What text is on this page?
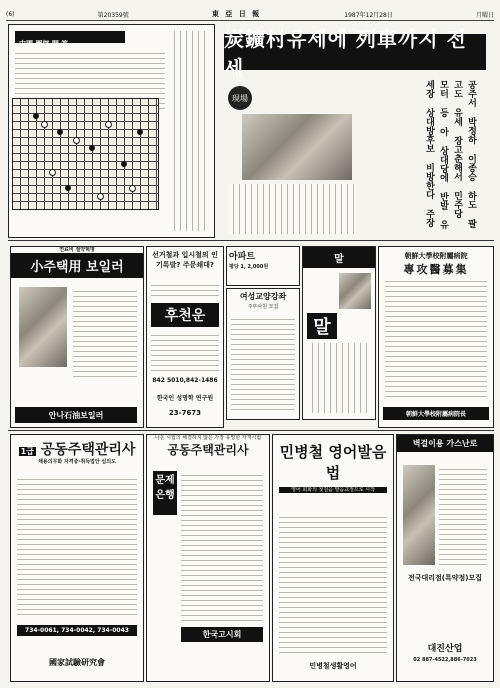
(6)	第20359號	東 亞 日 報	1987年12月28日	月曜日
中國 圍棋 問 答	炭鑛村유세에 列車까지 전세
現場	공주서 박정하 이종승 하도 팔고도 유세 장고춘해서 민주당 모터 등 아 상대당에 반발 유세장 상대방후보 비방한다 주장
연료비 절약혁명
小주택用 보일러
안나石油보일러
선거철과 입시철의 인기특발? 주문쇄대?
후천운
842 5010,842-1486
한국인 성명학 연구원
23-7673
아파트
평당 1, 2,000원
여성교양강좌
주부사원 모집
말
말
朝鮮大學校附屬病院
專攻醫募集
朝鮮大學校附屬病院長
1급 공동주택관리사
채용의무화 자격증·취득법안 심의도
734-0061, 734-0042, 734-0043
國家試驗研究會
나온 시험의 해결하지 않은 가장 유망한 자격시험
공동주택관리사
문제은행
한국고시회
민병철 영어발음법
영어 회화의 첫걸음 발음교정으로 시작
민병철생활영어
벽걸이용 가스난로
전국대리점(특약점)모집
대진산업
02 887-4522,886-7023
